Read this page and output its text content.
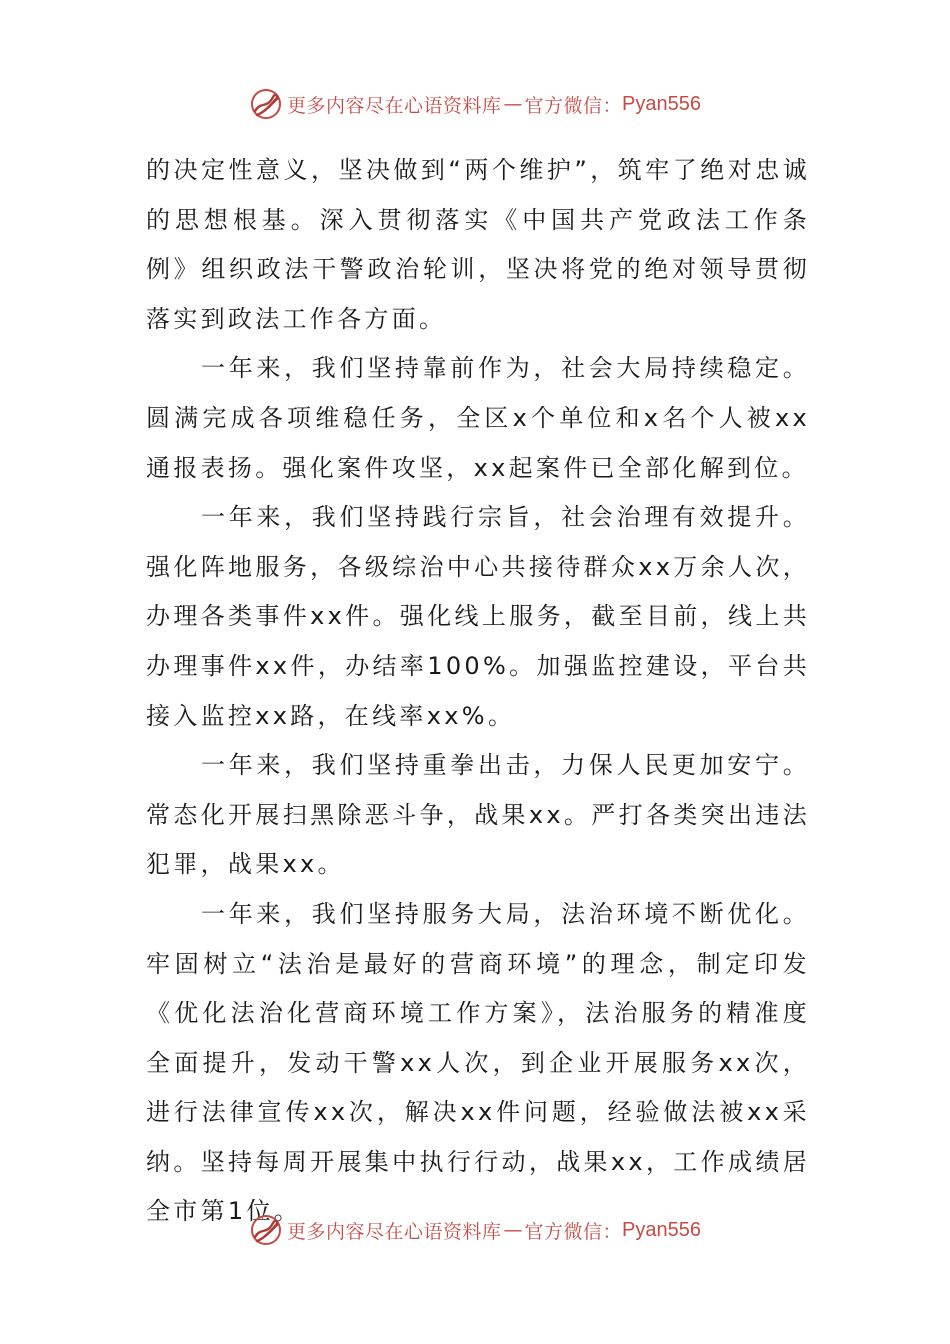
更多内容尽在心语资料库 — 官方微信： Pyan556

的决定性意义，坚决做到“两个维护”，筑牢了绝对忠诚的思想根基。深入贯彻落实《中国共产党政法工作条例》组织政法干警政治轮训，坚决将党的绝对领导贯彻落实到政法工作各方面。

一年来，我们坚持靠前作为，社会大局持续稳定。圆满完成各项维稳任务，全区x个单位和x名个人被xx通报表扬。强化案件攻坚，xx起案件已全部化解到位。

一年来，我们坚持践行宗旨，社会治理有效提升。强化阵地服务，各级综治中心共接待群众xx万余人次，办理各类事件xx件。强化线上服务，截至目前，线上共办理事件xx件，办结率100%。加强监控建设，平台共接入监控xx路，在线率xx%。

一年来，我们坚持重拳出击，力保人民更加安宁。常态化开展扫黑除恶斗争，战果xx。严打各类突出违法犯罪，战果xx。

一年来，我们坚持服务大局，法治环境不断优化。牢固树立“法治是最好的营商环境”的理念，制定印发《优化法治化营商环境工作方案》，法治服务的精准度全面提升，发动干警xx人次，到企业开展服务xx次，进行法律宣传xx次，解决xx件问题，经验做法被xx采纳。坚持每周开展集中执行行动，战果xx，工作成绩居全市第1位。

更多内容尽在心语资料库 — 官方微信： Pyan556
